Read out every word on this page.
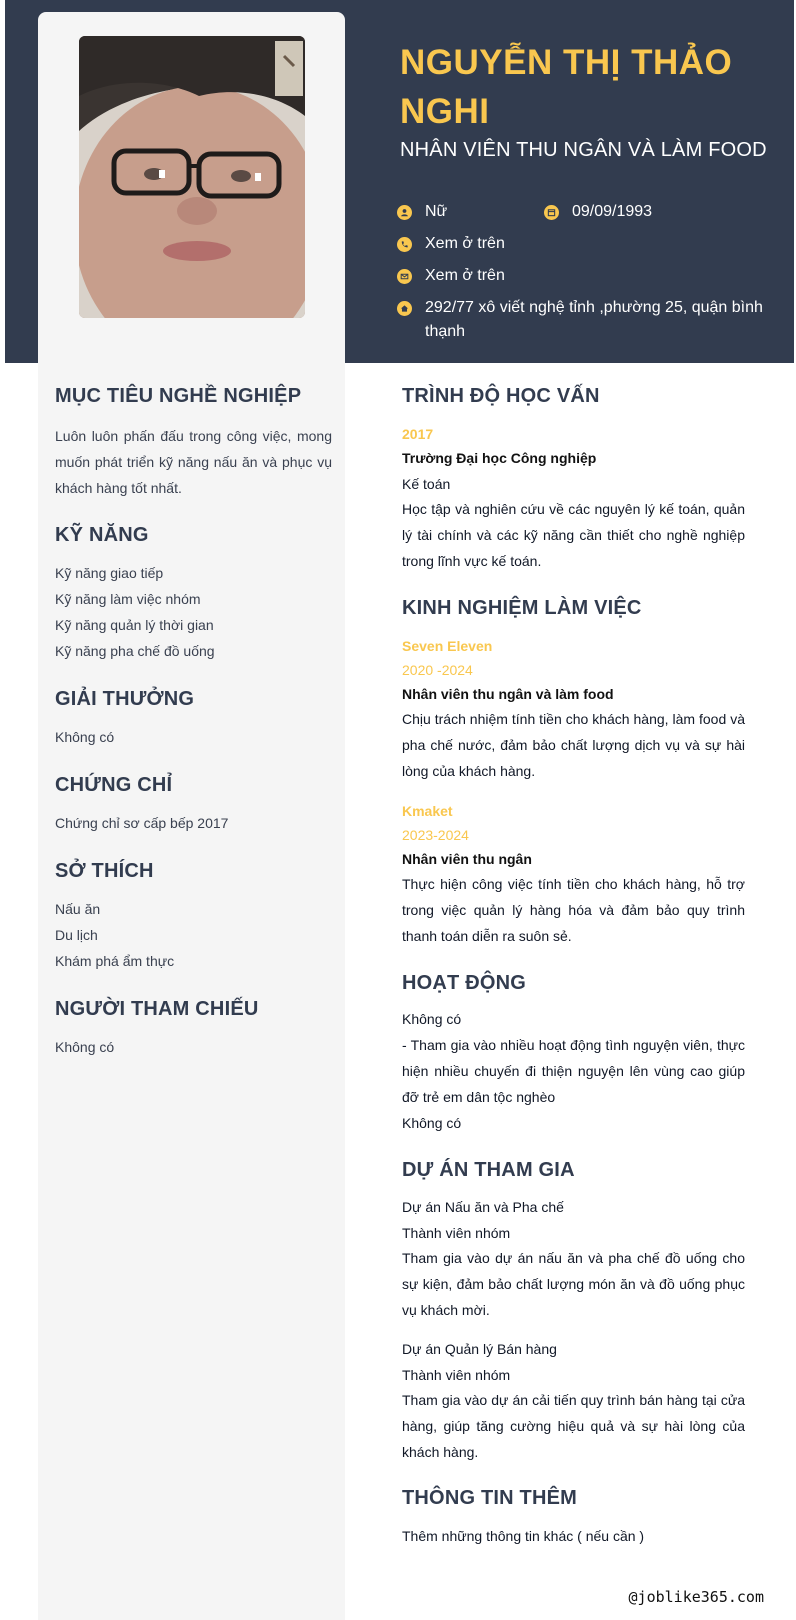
NGUYỄN THỊ THẢO NGHI
NHÂN VIÊN THU NGÂN VÀ LÀM FOOD
Nữ	09/09/1993
Xem ở trên
Xem ở trên
292/77 xô viết nghệ tỉnh ,phường 25, quận bình thạnh
MỤC TIÊU NGHỀ NGHIỆP
Luôn luôn phấn đấu trong công việc, mong muốn phát triển kỹ năng nấu ăn và phục vụ khách hàng tốt nhất.
KỸ NĂNG
Kỹ năng giao tiếp
Kỹ năng làm việc nhóm
Kỹ năng quản lý thời gian
Kỹ năng pha chế đồ uống
GIẢI THƯỞNG
Không có
CHỨNG CHỈ
Chứng chỉ sơ cấp bếp 2017
SỞ THÍCH
Nấu ăn
Du lịch
Khám phá ẩm thực
NGƯỜI THAM CHIẾU
Không có
TRÌNH ĐỘ HỌC VẤN
2017
Trường Đại học Công nghiệp
Kế toán
Học tập và nghiên cứu về các nguyên lý kế toán, quản lý tài chính và các kỹ năng cần thiết cho nghề nghiệp trong lĩnh vực kế toán.
KINH NGHIỆM LÀM VIỆC
Seven Eleven
2020 -2024
Nhân viên thu ngân và làm food
Chịu trách nhiệm tính tiền cho khách hàng, làm food và pha chế nước, đảm bảo chất lượng dịch vụ và sự hài lòng của khách hàng.
Kmaket
2023-2024
Nhân viên thu ngân
Thực hiện công việc tính tiền cho khách hàng, hỗ trợ trong việc quản lý hàng hóa và đảm bảo quy trình thanh toán diễn ra suôn sẻ.
HOẠT ĐỘNG
Không có
- Tham gia vào nhiều hoạt động tình nguyện viên, thực hiện nhiều chuyến đi thiện nguyện lên vùng cao giúp đỡ trẻ em dân tộc nghèo
Không có
DỰ ÁN THAM GIA
Dự án Nấu ăn và Pha chế
Thành viên nhóm
Tham gia vào dự án nấu ăn và pha chế đồ uống cho sự kiện, đảm bảo chất lượng món ăn và đồ uống phục vụ khách mời.
Dự án Quản lý Bán hàng
Thành viên nhóm
Tham gia vào dự án cải tiến quy trình bán hàng tại cửa hàng, giúp tăng cường hiệu quả và sự hài lòng của khách hàng.
THÔNG TIN THÊM
Thêm những thông tin khác ( nếu cần )
@joblike365.com
